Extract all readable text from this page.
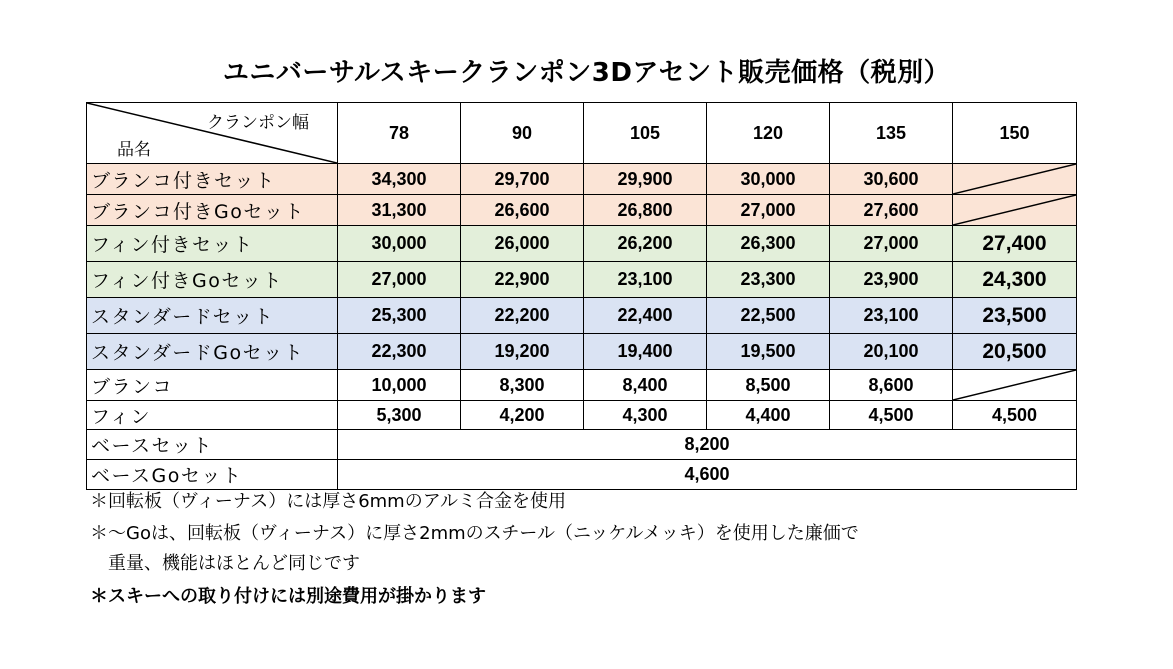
ユニバーサルスキークランポン3Dアセント販売価格（税別）
クランポン幅
品名	78	90	105	120	135	150
ブランコ付きセット	34,300	29,700	29,900	30,000	30,600	

ブランコ付きGoセット	31,300	26,600	26,800	27,000	27,600	

フィン付きセット	30,000	26,000	26,200	26,300	27,000	27,400
フィン付きGoセット	27,000	22,900	23,100	23,300	23,900	24,300
スタンダードセット	25,300	22,200	22,400	22,500	23,100	23,500
スタンダードGoセット	22,300	19,200	19,400	19,500	20,100	20,500
ブランコ	10,000	8,300	8,400	8,500	8,600	

フィン	5,300	4,200	4,300	4,400	4,500	4,500
ベースセット	8,200					
ベースGoセット	4,600					
＊回転板（ヴィーナス）には厚さ6mmのアルミ合金を使用
＊～Goは、回転板（ヴィーナス）に厚さ2mmのスチール（ニッケルメッキ）を使用した廉価で
　重量、機能はほとんど同じです
＊スキーへの取り付けには別途費用が掛かります
